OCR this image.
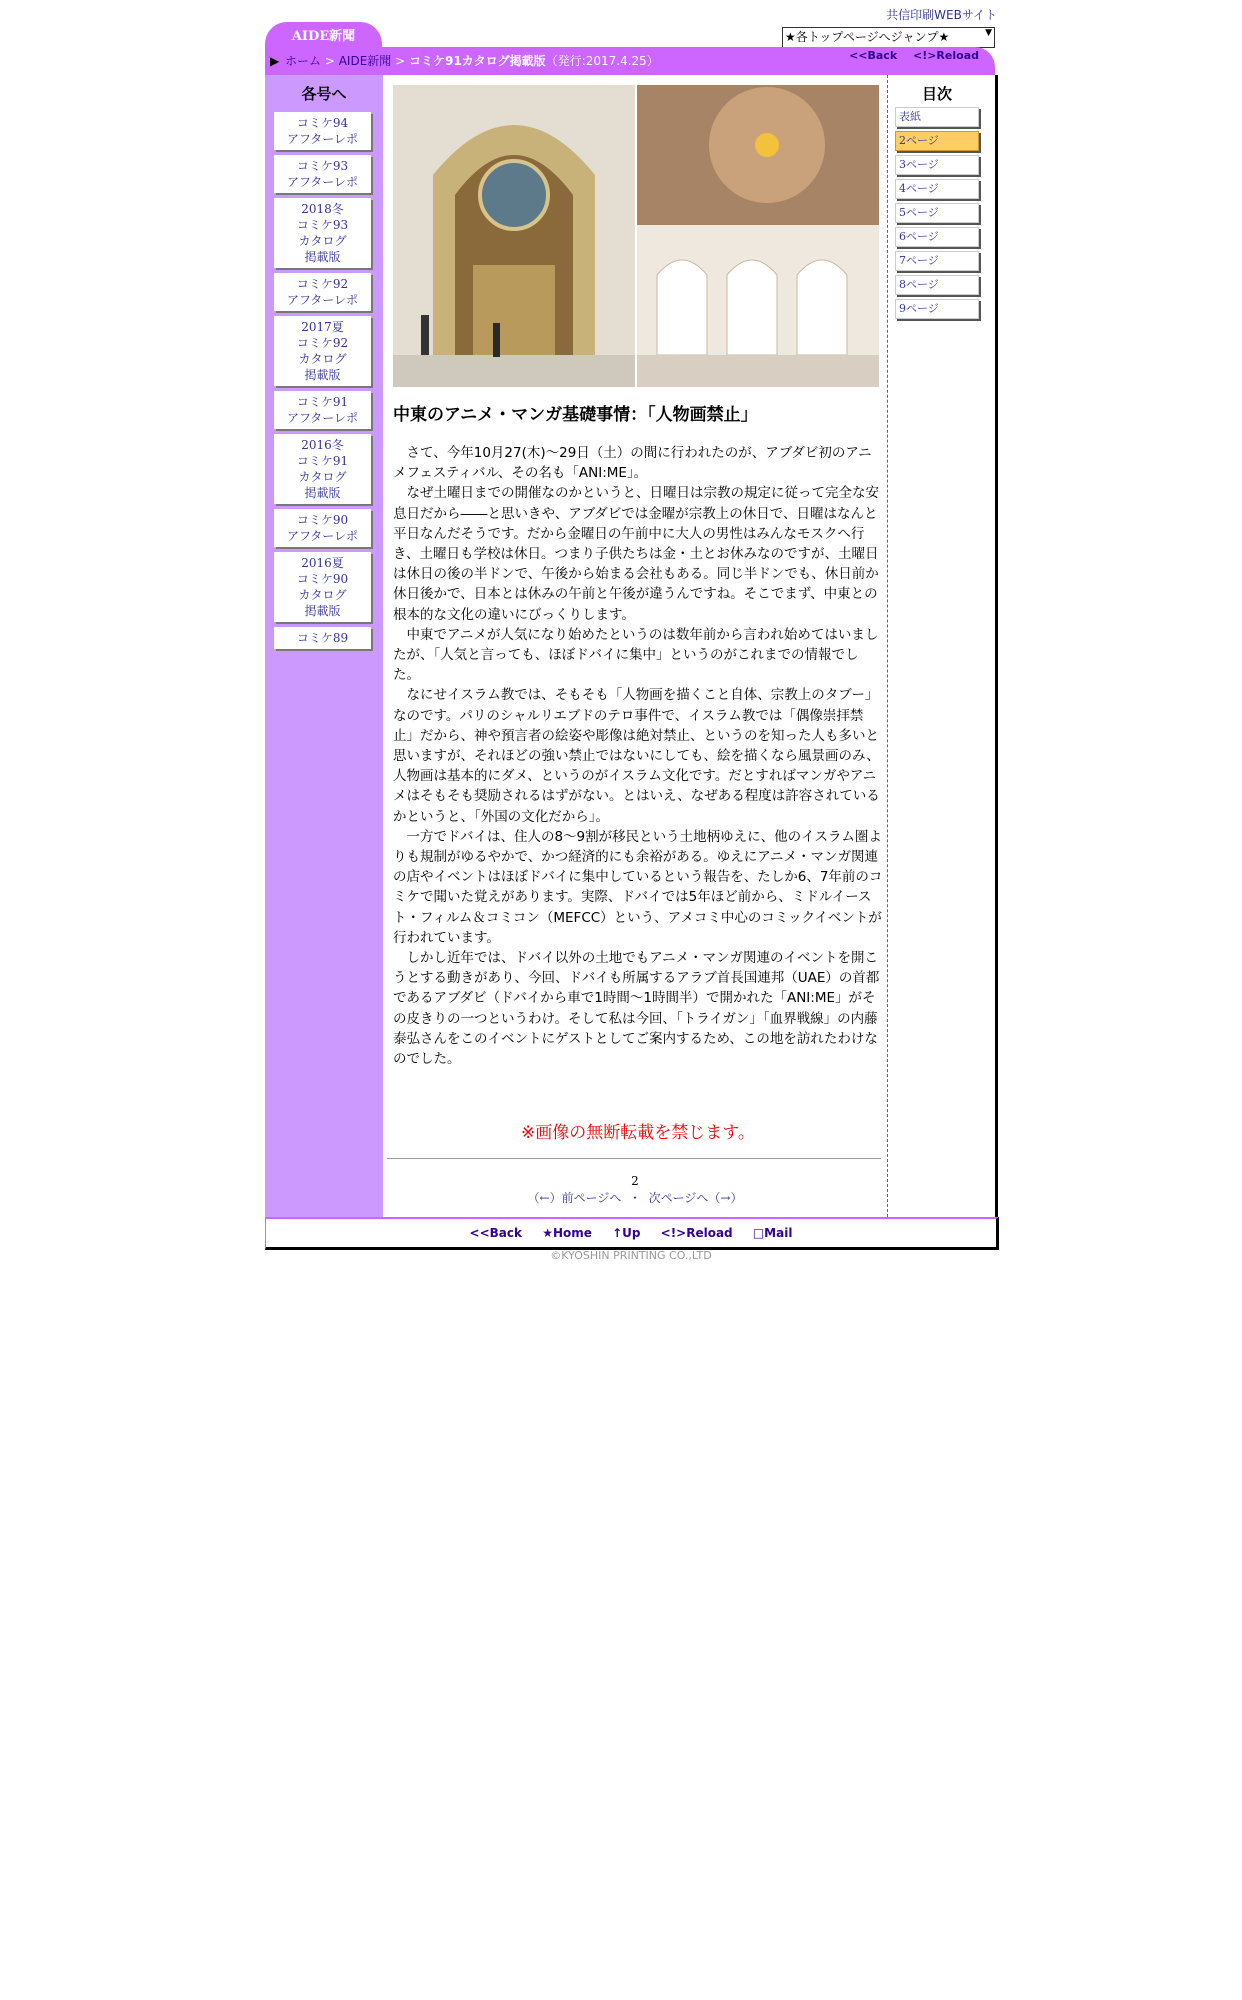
共信印刷WEBサイト
AIDE新聞	★各トップページへジャンプ★	▼
▶ ホーム > AIDE新聞 > コミケ91カタログ掲載版（発行:2017.4.25）	<<Back <!>Reload
各号へ
コミケ94
アフターレポ
コミケ93
アフターレポ
2018冬
コミケ93
カタログ
掲載版
コミケ92
アフターレポ
2017夏
コミケ92
カタログ
掲載版
コミケ91
アフターレポ
2016冬
コミケ91
カタログ
掲載版
コミケ90
アフターレポ
2016夏
コミケ90
カタログ
掲載版
コミケ89
中東のアニメ・マンガ基礎事情：「人物画禁止」

さて、今年10月27(木)～29日（土）の間に行われたのが、アブダビ初のアニメフェスティバル、その名も「ANI:ME」。

なぜ土曜日までの開催なのかというと、日曜日は宗教の規定に従って完全な安息日だから――と思いきや、アブダビでは金曜が宗教上の休日で、日曜はなんと平日なんだそうです。だから金曜日の午前中に大人の男性はみんなモスクへ行き、土曜日も学校は休日。つまり子供たちは金・土とお休みなのですが、土曜日は休日の後の半ドンで、午後から始まる会社もある。同じ半ドンでも、休日前か休日後かで、日本とは休みの午前と午後が違うんですね。そこでまず、中東との根本的な文化の違いにびっくりします。

中東でアニメが人気になり始めたというのは数年前から言われ始めてはいましたが、「人気と言っても、ほぼドバイに集中」というのがこれまでの情報でした。

なにせイスラム教では、そもそも「人物画を描くこと自体、宗教上のタブー」なのです。パリのシャルリエブドのテロ事件で、イスラム教では「偶像崇拝禁止」だから、神や預言者の絵姿や彫像は絶対禁止、というのを知った人も多いと思いますが、それほどの強い禁止ではないにしても、絵を描くなら風景画のみ、人物画は基本的にダメ、というのがイスラム文化です。だとすればマンガやアニメはそもそも奨励されるはずがない。とはいえ、なぜある程度は許容されているかというと、「外国の文化だから」。

一方でドバイは、住人の8～9割が移民という土地柄ゆえに、他のイスラム圏よりも規制がゆるやかで、かつ経済的にも余裕がある。ゆえにアニメ・マンガ関連の店やイベントはほぼドバイに集中しているという報告を、たしか6、7年前のコミケで聞いた覚えがあります。実際、ドバイでは5年ほど前から、ミドルイースト・フィルム＆コミコン（MEFCC）という、アメコミ中心のコミックイベントが行われています。

しかし近年では、ドバイ以外の土地でもアニメ・マンガ関連のイベントを開こうとする動きがあり、今回、ドバイも所属するアラブ首長国連邦（UAE）の首都であるアブダビ（ドバイから車で1時間～1時間半）で開かれた「ANI:ME」がその皮きりの一つというわけ。そして私は今回、「トライガン」「血界戦線」の内藤泰弘さんをこのイベントにゲストとしてご案内するため、この地を訪れたわけなのでした。

※画像の無断転載を禁じます。
2
（←）前ページへ ・ 次ページへ（→）
目次
表紙
2ページ
3ページ
4ページ
5ページ
6ページ
7ページ
8ページ
9ページ
<<Back ★Home ↑Up <!>Reload □Mail
©KYOSHIN PRINTING CO.,LTD
